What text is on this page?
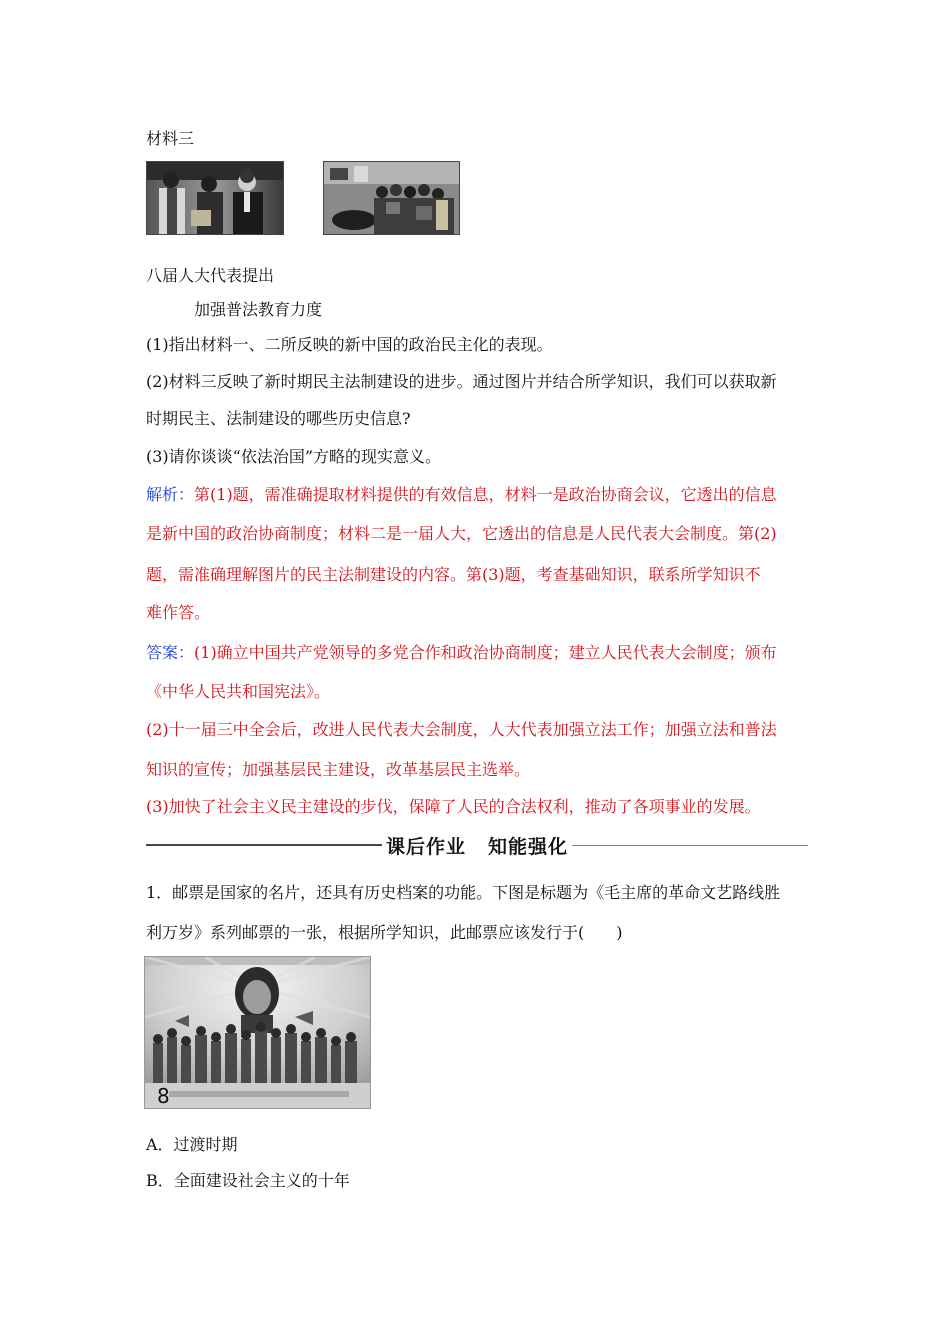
材料三
八届人大代表提出
加强普法教育力度
(1)指出材料一、二所反映的新中国的政治民主化的表现。
(2)材料三反映了新时期民主法制建设的进步。通过图片并结合所学知识，我们可以获取新
时期民主、法制建设的哪些历史信息?
(3)请你谈谈“依法治国”方略的现实意义。
解析：第(1)题，需准确提取材料提供的有效信息，材料一是政治协商会议，它透出的信息
是新中国的政治协商制度；材料二是一届人大，它透出的信息是人民代表大会制度。第(2)
题，需准确理解图片的民主法制建设的内容。第(3)题，考查基础知识，联系所学知识不
难作答。
答案：(1)确立中国共产党领导的多党合作和政治协商制度；建立人民代表大会制度；颁布
《中华人民共和国宪法》。
(2)十一届三中全会后，改进人民代表大会制度，人大代表加强立法工作；加强立法和普法
知识的宣传；加强基层民主建设，改革基层民主选举。
(3)加快了社会主义民主建设的步伐，保障了人民的合法权利，推动了各项事业的发展。
课后作业 知能强化
1．邮票是国家的名片，还具有历史档案的功能。下图是标题为《毛主席的革命文艺路线胜
利万岁》系列邮票的一张，根据所学知识，此邮票应该发行于(　　)
8
A．过渡时期
B．全面建设社会主义的十年
